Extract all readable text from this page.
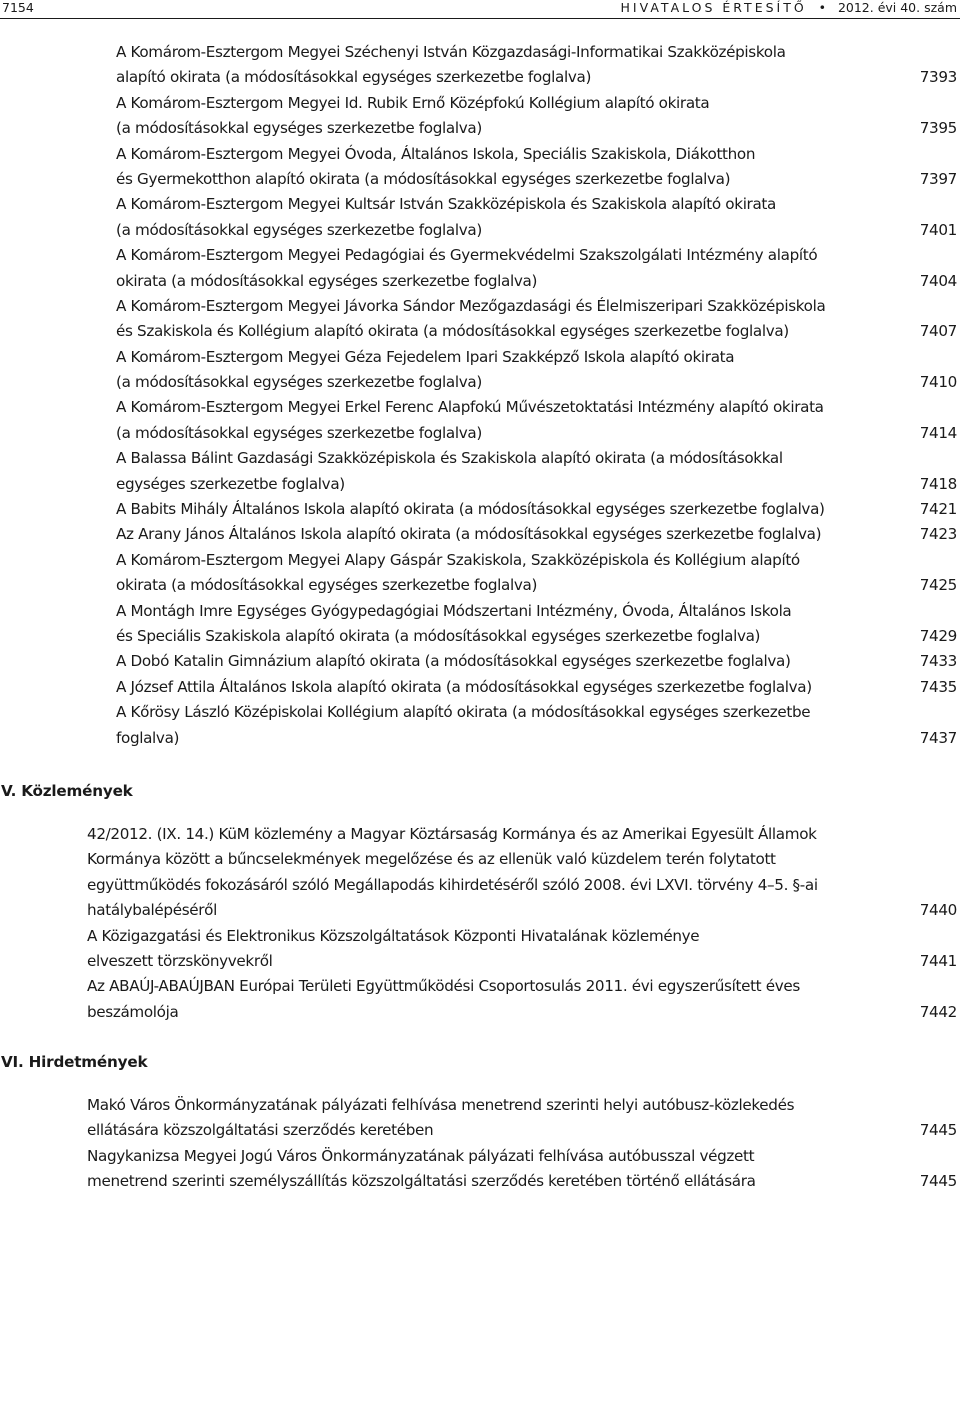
7154	HIVATALOS ÉRTESÍTŐ   •   2012. évi 40. szám
A Komárom-Esztergom Megyei Széchenyi István Közgazdasági-Informatikai Szakközépiskola
alapító okirata (a módosításokkal egységes szerkezetbe foglalva)	7393
A Komárom-Esztergom Megyei Id. Rubik Ernő Középfokú Kollégium alapító okirata
(a módosításokkal egységes szerkezetbe foglalva)	7395
A Komárom-Esztergom Megyei Óvoda, Általános Iskola, Speciális Szakiskola, Diákotthon
és Gyermekotthon alapító okirata (a módosításokkal egységes szerkezetbe foglalva)	7397
A Komárom-Esztergom Megyei Kultsár István Szakközépiskola és Szakiskola alapító okirata
(a módosításokkal egységes szerkezetbe foglalva)	7401
A Komárom-Esztergom Megyei Pedagógiai és Gyermekvédelmi Szakszolgálati Intézmény alapító
okirata (a módosításokkal egységes szerkezetbe foglalva)	7404
A Komárom-Esztergom Megyei Jávorka Sándor Mezőgazdasági és Élelmiszeripari Szakközépiskola
és Szakiskola és Kollégium alapító okirata (a módosításokkal egységes szerkezetbe foglalva)	7407
A Komárom-Esztergom Megyei Géza Fejedelem Ipari Szakképző Iskola alapító okirata
(a módosításokkal egységes szerkezetbe foglalva)	7410
A Komárom-Esztergom Megyei Erkel Ferenc Alapfokú Művészetoktatási Intézmény alapító okirata
(a módosításokkal egységes szerkezetbe foglalva)	7414
A Balassa Bálint Gazdasági Szakközépiskola és Szakiskola alapító okirata (a módosításokkal
egységes szerkezetbe foglalva)	7418
A Babits Mihály Általános Iskola alapító okirata (a módosításokkal egységes szerkezetbe foglalva)	7421
Az Arany János Általános Iskola alapító okirata (a módosításokkal egységes szerkezetbe foglalva)	7423
A Komárom-Esztergom Megyei Alapy Gáspár Szakiskola, Szakközépiskola és Kollégium alapító
okirata (a módosításokkal egységes szerkezetbe foglalva)	7425
A Montágh Imre Egységes Gyógypedagógiai Módszertani Intézmény, Óvoda, Általános Iskola
és Speciális Szakiskola alapító okirata (a módosításokkal egységes szerkezetbe foglalva)	7429
A Dobó Katalin Gimnázium alapító okirata (a módosításokkal egységes szerkezetbe foglalva)	7433
A József Attila Általános Iskola alapító okirata (a módosításokkal egységes szerkezetbe foglalva)	7435
A Kőrösy László Középiskolai Kollégium alapító okirata (a módosításokkal egységes szerkezetbe
foglalva)	7437
V. Közlemények
42/2012. (IX. 14.) KüM közlemény a Magyar Köztársaság Kormánya és az Amerikai Egyesült Államok
Kormánya között a bűncselekmények megelőzése és az ellenük való küzdelem terén folytatott
együttműködés fokozásáról szóló Megállapodás kihirdetéséről szóló 2008. évi LXVI. törvény 4–5. §-ai
hatálybalépéséről	7440
A Közigazgatási és Elektronikus Közszolgáltatások Központi Hivatalának közleménye
elveszett törzskönyvekről	7441
Az ABAÚJ-ABAÚJBAN Európai Területi Együttműködési Csoportosulás 2011. évi egyszerűsített éves
beszámolója	7442
VI. Hirdetmények
Makó Város Önkormányzatának pályázati felhívása menetrend szerinti helyi autóbusz-közlekedés
ellátására közszolgáltatási szerződés keretében	7445
Nagykanizsa Megyei Jogú Város Önkormányzatának pályázati felhívása autóbusszal végzett
menetrend szerinti személyszállítás közszolgáltatási szerződés keretében történő ellátására	7445
